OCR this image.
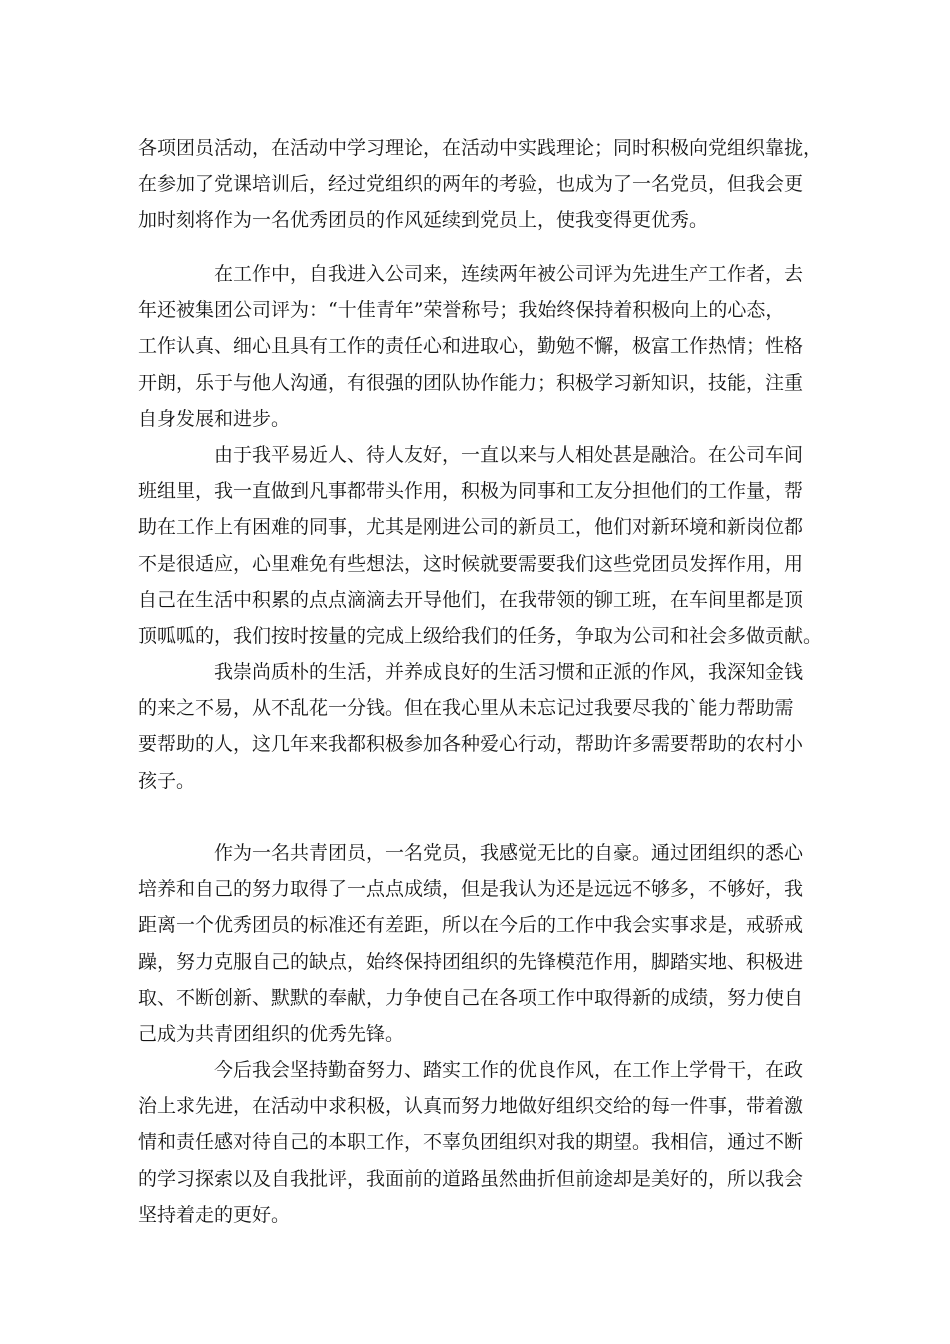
各项团员活动，在活动中学习理论，在活动中实践理论；同时积极向党组织靠拢，
在参加了党课培训后，经过党组织的两年的考验，也成为了一名党员，但我会更
加时刻将作为一名优秀团员的作风延续到党员上，使我变得更优秀。

在工作中，自我进入公司来，连续两年被公司评为先进生产工作者，去
年还被集团公司评为：“十佳青年”荣誉称号；我始终保持着积极向上的心态，
工作认真、细心且具有工作的责任心和进取心，勤勉不懈，极富工作热情；性格
开朗，乐于与他人沟通，有很强的团队协作能力；积极学习新知识，技能，注重
自身发展和进步。

由于我平易近人、待人友好，一直以来与人相处甚是融洽。在公司车间
班组里，我一直做到凡事都带头作用，积极为同事和工友分担他们的工作量，帮
助在工作上有困难的同事，尤其是刚进公司的新员工，他们对新环境和新岗位都
不是很适应，心里难免有些想法，这时候就要需要我们这些党团员发挥作用，用
自己在生活中积累的点点滴滴去开导他们，在我带领的铆工班，在车间里都是顶
顶呱呱的，我们按时按量的完成上级给我们的任务，争取为公司和社会多做贡献。

我崇尚质朴的生活，并养成良好的生活习惯和正派的作风，我深知金钱
的来之不易，从不乱花一分钱。但在我心里从未忘记过我要尽我的`能力帮助需
要帮助的人，这几年来我都积极参加各种爱心行动，帮助许多需要帮助的农村小
孩子。

作为一名共青团员，一名党员，我感觉无比的自豪。通过团组织的悉心
培养和自己的努力取得了一点点成绩，但是我认为还是远远不够多，不够好，我
距离一个优秀团员的标准还有差距，所以在今后的工作中我会实事求是，戒骄戒
躁，努力克服自己的缺点，始终保持团组织的先锋模范作用，脚踏实地、积极进
取、不断创新、默默的奉献，力争使自己在各项工作中取得新的成绩，努力使自
己成为共青团组织的优秀先锋。

今后我会坚持勤奋努力、踏实工作的优良作风，在工作上学骨干，在政
治上求先进，在活动中求积极，认真而努力地做好组织交给的每一件事，带着激
情和责任感对待自己的本职工作，不辜负团组织对我的期望。我相信，通过不断
的学习探索以及自我批评，我面前的道路虽然曲折但前途却是美好的，所以我会
坚持着走的更好。
